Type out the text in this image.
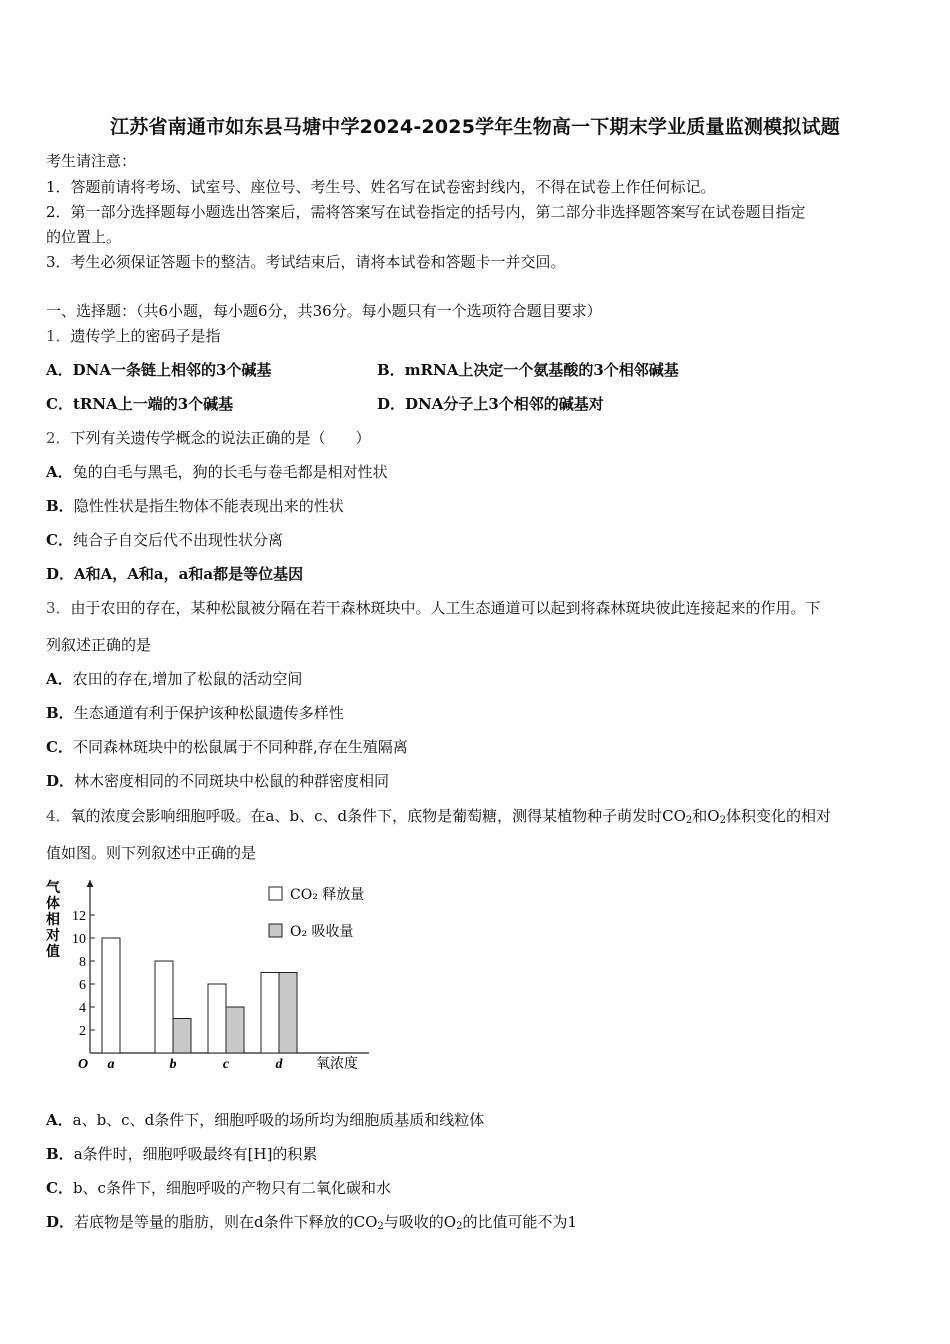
江苏省南通市如东县马塘中学2024-2025学年生物高一下期末学业质量监测模拟试题
考生请注意：
1．答题前请将考场、试室号、座位号、考生号、姓名写在试卷密封线内，不得在试卷上作任何标记。
2．第一部分选择题每小题选出答案后，需将答案写在试卷指定的括号内，第二部分非选择题答案写在试卷题目指定
的位置上。
3．考生必须保证答题卡的整洁。考试结束后，请将本试卷和答题卡一并交回。
一、选择题：（共6小题，每小题6分，共36分。每小题只有一个选项符合题目要求）
1．遗传学上的密码子是指
A．DNA一条链上相邻的3个碱基	B．mRNA上决定一个氨基酸的3个相邻碱基
C．tRNA上一端的3个碱基	D．DNA分子上3个相邻的碱基对
2．下列有关遗传学概念的说法正确的是（　　）
A．兔的白毛与黑毛，狗的长毛与卷毛都是相对性状
B．隐性性状是指生物体不能表现出来的性状
C．纯合子自交后代不出现性状分离
D．A和A，A和a，a和a都是等位基因
3．由于农田的存在，某种松鼠被分隔在若干森林斑块中。人工生态通道可以起到将森林斑块彼此连接起来的作用。下
列叙述正确的是
A．农田的存在,增加了松鼠的活动空间
B．生态通道有利于保护该种松鼠遗传多样性
C．不同森林斑块中的松鼠属于不同种群,存在生殖隔离
D．林木密度相同的不同斑块中松鼠的种群密度相同
4．氧的浓度会影响细胞呼吸。在a、b、c、d条件下，底物是葡萄糖，测得某植物种子萌发时$CO_2$和$O_2$体积变化的相对
值如图。则下列叙述中正确的是
2
4
6
8
10
12
气
体
相
对
值
O a	b	c	d 氧浓度
CO₂ 释放量
O₂ 吸收量
A．a、b、c、d条件下，细胞呼吸的场所均为细胞质基质和线粒体
B．a条件时，细胞呼吸最终有[H]的积累
C．b、c条件下，细胞呼吸的产物只有二氧化碳和水
D．若底物是等量的脂肪，则在d条件下释放的$CO_2$与吸收的$O_2$的比值可能不为1
